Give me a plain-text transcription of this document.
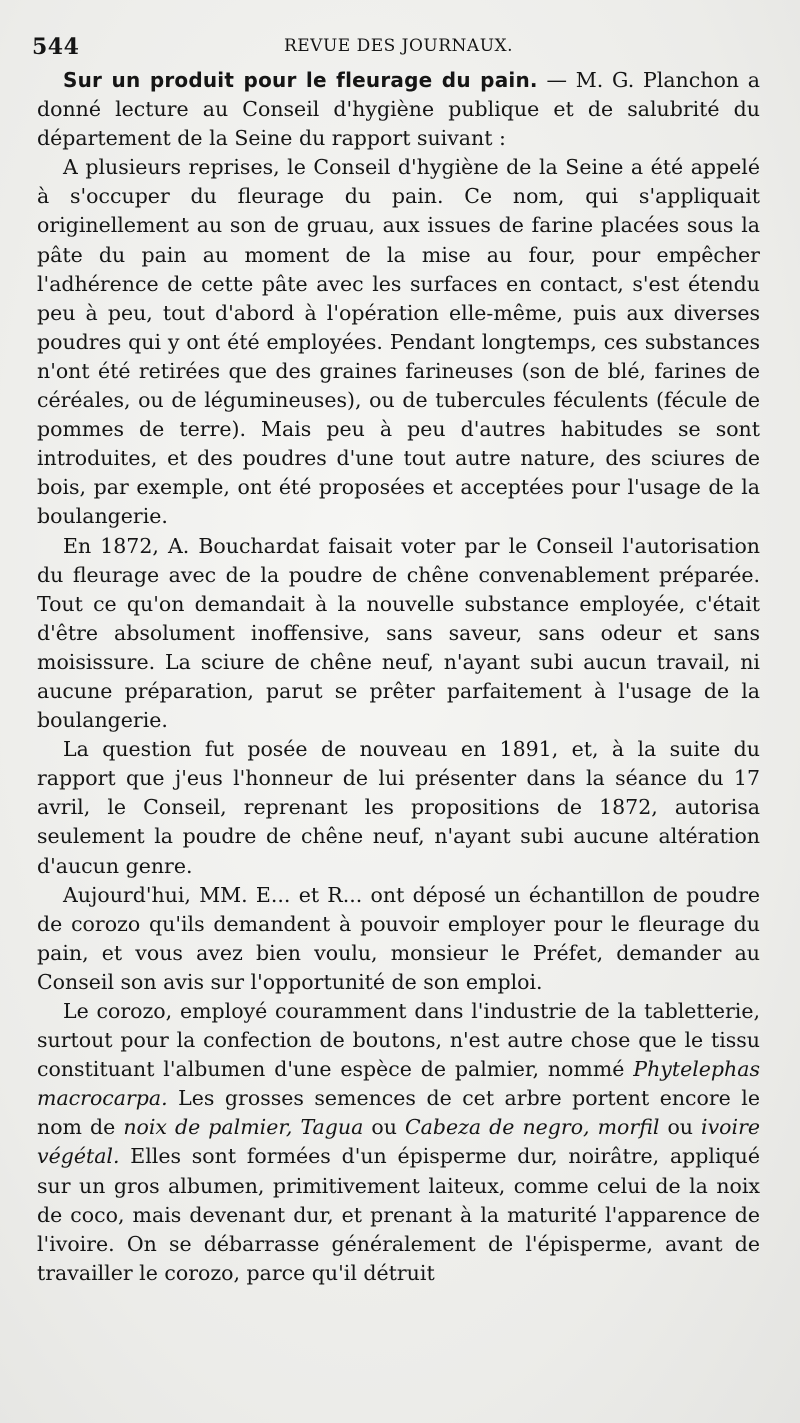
544	REVUE DES JOURNAUX.

Sur un produit pour le fleurage du pain. — M. G. Planchon a donné lecture au Conseil d'hygiène publique et de salubrité du département de la Seine du rapport suivant :

A plusieurs reprises, le Conseil d'hygiène de la Seine a été appelé à s'occuper du fleurage du pain. Ce nom, qui s'appliquait originellement au son de gruau, aux issues de farine placées sous la pâte du pain au moment de la mise au four, pour empêcher l'adhérence de cette pâte avec les surfaces en contact, s'est étendu peu à peu, tout d'abord à l'opération elle-même, puis aux diverses poudres qui y ont été employées. Pendant longtemps, ces substances n'ont été retirées que des graines farineuses (son de blé, farines de céréales, ou de légumineuses), ou de tubercules féculents (fécule de pommes de terre). Mais peu à peu d'autres habitudes se sont introduites, et des poudres d'une tout autre nature, des sciures de bois, par exemple, ont été proposées et acceptées pour l'usage de la boulangerie.

En 1872, A. Bouchardat faisait voter par le Conseil l'autorisation du fleurage avec de la poudre de chêne convenablement préparée. Tout ce qu'on demandait à la nouvelle substance employée, c'était d'être absolument inoffensive, sans saveur, sans odeur et sans moisissure. La sciure de chêne neuf, n'ayant subi aucun travail, ni aucune préparation, parut se prêter parfaitement à l'usage de la boulangerie.

La question fut posée de nouveau en 1891, et, à la suite du rapport que j'eus l'honneur de lui présenter dans la séance du 17 avril, le Conseil, reprenant les propositions de 1872, autorisa seulement la poudre de chêne neuf, n'ayant subi aucune altération d'aucun genre.

Aujourd'hui, MM. E... et R... ont déposé un échantillon de poudre de corozo qu'ils demandent à pouvoir employer pour le fleurage du pain, et vous avez bien voulu, monsieur le Préfet, demander au Conseil son avis sur l'opportunité de son emploi.

Le corozo, employé couramment dans l'industrie de la tabletterie, surtout pour la confection de boutons, n'est autre chose que le tissu constituant l'albumen d'une espèce de palmier, nommé Phytelephas macrocarpa. Les grosses semences de cet arbre portent encore le nom de noix de palmier, Tagua ou Cabeza de negro, morfil ou ivoire végétal. Elles sont formées d'un épisperme dur, noirâtre, appliqué sur un gros albumen, primitivement laiteux, comme celui de la noix de coco, mais devenant dur, et prenant à la maturité l'apparence de l'ivoire. On se débarrasse généralement de l'épisperme, avant de travailler le corozo, parce qu'il détruit
